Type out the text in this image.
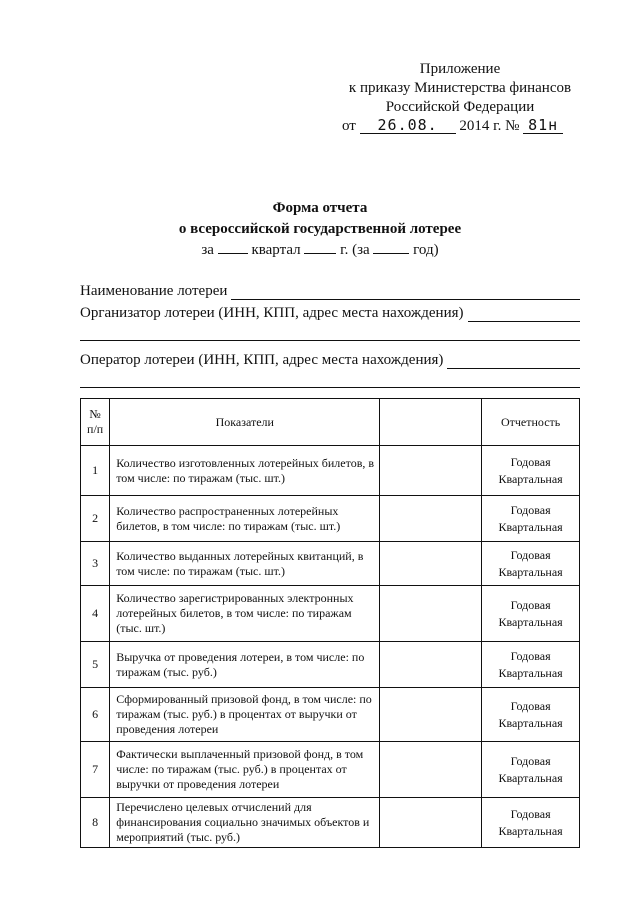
Приложение
к приказу Министерства финансов
Российской Федерации
от 26.08. 2014 г. № 81н
Форма отчета
о всероссийской государственной лотерее
за	квартал	г. (за	год)
Наименование лотереи
Организатор лотереи (ИНН, КПП, адрес места нахождения)
Оператор лотереи (ИНН, КПП, адрес места нахождения)
№ п/п	Показатели		Отчетность
1	Количество изготовленных лотерейных билетов, в том числе: по тиражам (тыс. шт.)		Годовая
Квартальная
2	Количество распространенных лотерейных билетов, в том числе: по тиражам (тыс. шт.)		Годовая
Квартальная
3	Количество выданных лотерейных квитанций, в том числе: по тиражам (тыс. шт.)		Годовая
Квартальная
4	Количество зарегистрированных электронных лотерейных билетов, в том числе: по тиражам (тыс. шт.)		Годовая
Квартальная
5	Выручка от проведения лотереи, в том числе: по тиражам (тыс. руб.)		Годовая
Квартальная
6	Сформированный призовой фонд, в том числе: по тиражам (тыс. руб.) в процентах от выручки от проведения лотереи		Годовая
Квартальная
7	Фактически выплаченный призовой фонд, в том числе: по тиражам (тыс. руб.) в процентах от выручки от проведения лотереи		Годовая
Квартальная
8	Перечислено целевых отчислений для финансирования социально значимых объектов и мероприятий (тыс. руб.)		Годовая
Квартальная
